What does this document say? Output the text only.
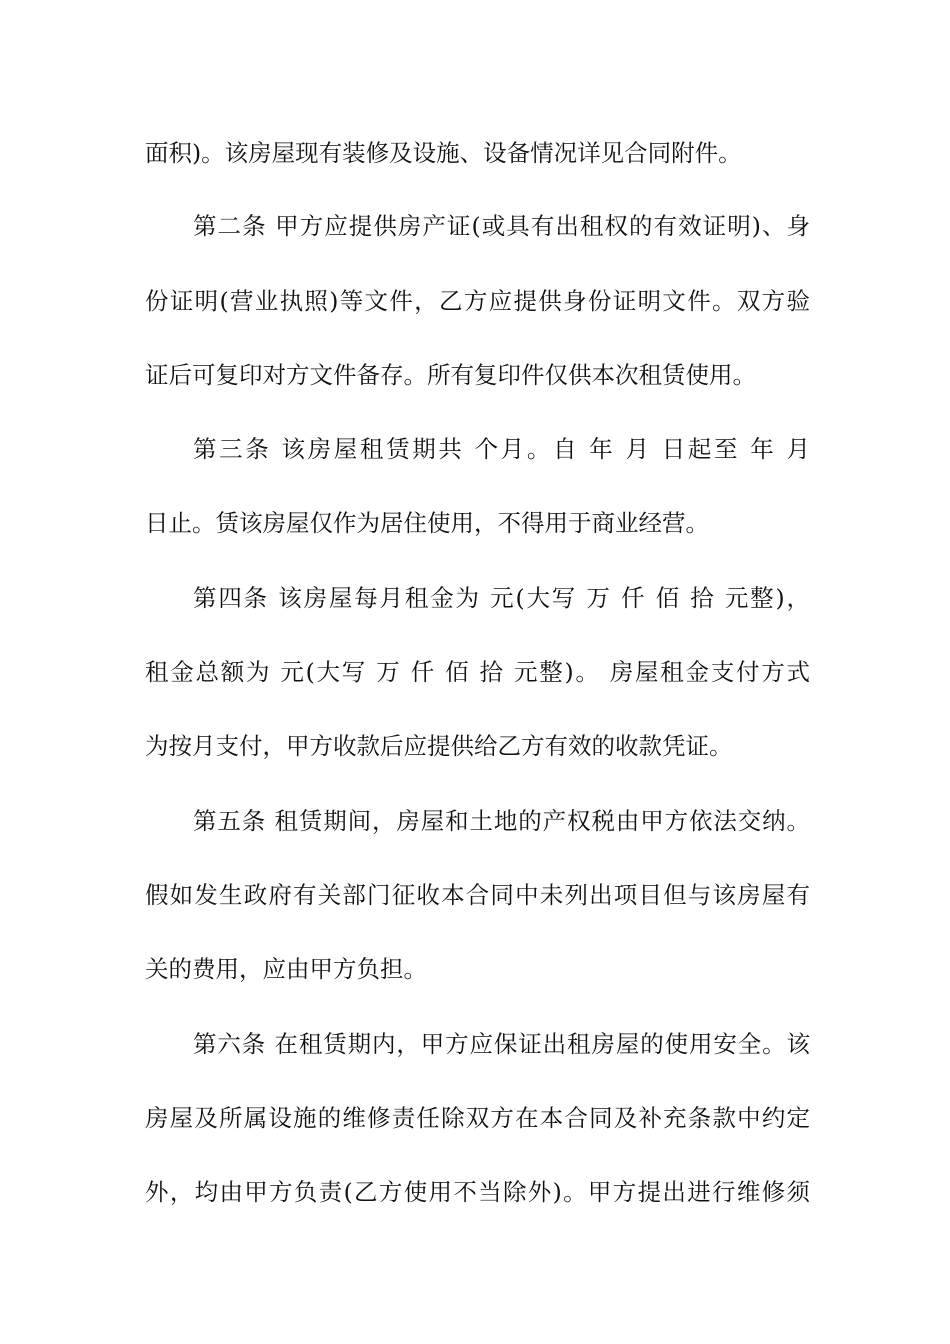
面积)。该房屋现有装修及设施、设备情况详见合同附件。
第二条 甲方应提供房产证(或具有出租权的有效证明)、身
份证明(营业执照)等文件，乙方应提供身份证明文件。双方验
证后可复印对方文件备存。所有复印件仅供本次租赁使用。
第三条 该房屋租赁期共 个月。自 年 月 日起至 年 月
日止。赁该房屋仅作为居住使用，不得用于商业经营。
第四条 该房屋每月租金为 元(大写 万 仟 佰 拾 元整)，
租金总额为 元(大写 万 仟 佰 拾 元整)。 房屋租金支付方式
为按月支付，甲方收款后应提供给乙方有效的收款凭证。
第五条 租赁期间，房屋和土地的产权税由甲方依法交纳。
假如发生政府有关部门征收本合同中未列出项目但与该房屋有
关的费用，应由甲方负担。
第六条 在租赁期内，甲方应保证出租房屋的使用安全。该
房屋及所属设施的维修责任除双方在本合同及补充条款中约定
外，均由甲方负责(乙方使用不当除外)。甲方提出进行维修须
